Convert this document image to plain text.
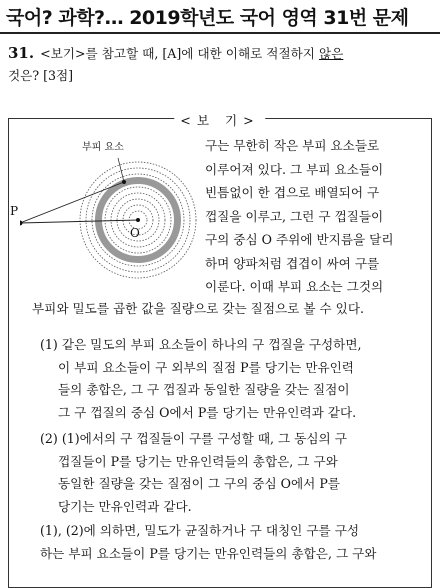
국어? 과학?… 2019학년도 국어 영역 31번 문제
31. <보기>를 참고할 때, [A]에 대한 이해로 적절하지 않은
것은? [3점]
<보 기>
부피 요소
P
O
구는 무한히 작은 부피 요소들로
이루어져 있다. 그 부피 요소들이
빈틈없이 한 겹으로 배열되어 구
껍질을 이루고, 그런 구 껍질들이
구의 중심 O 주위에 반지름을 달리
하며 양파처럼 겹겹이 싸여 구를
이룬다. 이때 부피 요소는 그것의
부피와 밀도를 곱한 값을 질량으로 갖는 질점으로 볼 수 있다.
(1) 같은 밀도의 부피 요소들이 하나의 구 껍질을 구성하면,
이 부피 요소들이 구 외부의 질점 P를 당기는 만유인력
들의 총합은, 그 구 껍질과 동일한 질량을 갖는 질점이
그 구 껍질의 중심 O에서 P를 당기는 만유인력과 같다.
(2) (1)에서의 구 껍질들이 구를 구성할 때, 그 동심의 구
껍질들이 P를 당기는 만유인력들의 총합은, 그 구와
동일한 질량을 갖는 질점이 그 구의 중심 O에서 P를
당기는 만유인력과 같다.
(1), (2)에 의하면, 밀도가 균질하거나 구 대칭인 구를 구성
하는 부피 요소들이 P를 당기는 만유인력들의 총합은, 그 구와
